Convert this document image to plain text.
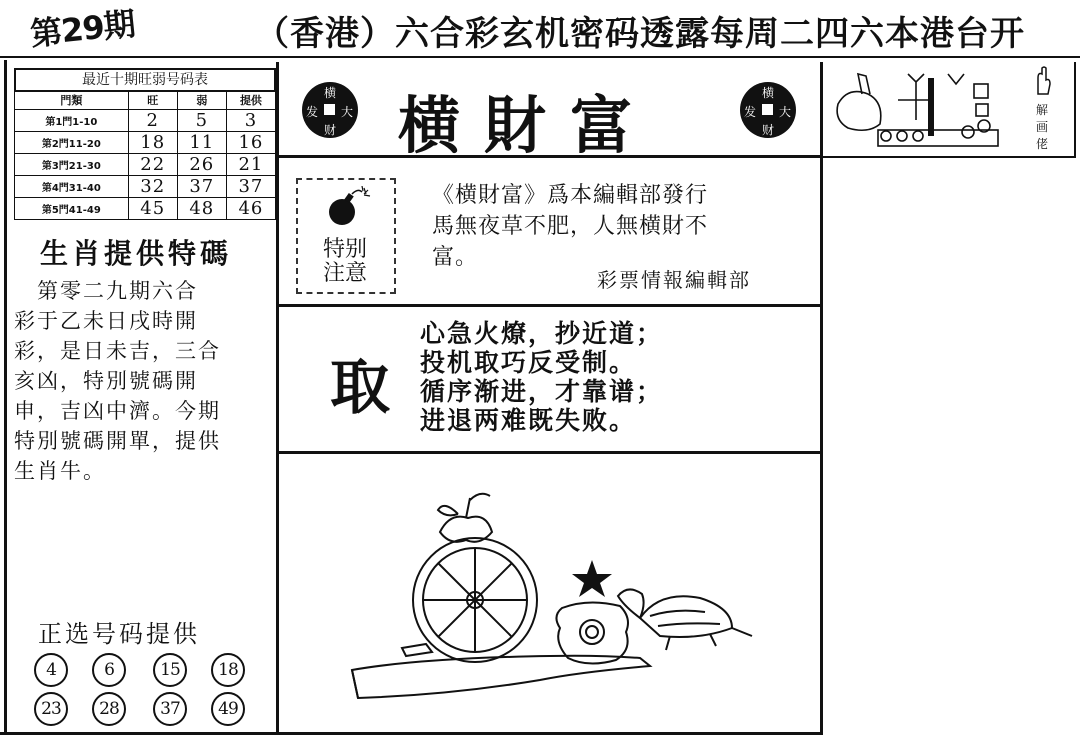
第29期	（香港）六合彩玄机密码透露每周二四六本港台开
最近十期旺弱号码表
門類	旺	弱	提供
第1門1-10	2	5	3
第2門11-20	18	11	16
第3門21-30	22	26	21
第4門31-40	32	37	37
第5門41-49	45	48	46
生肖提供特碼
　第零二九期六合
彩于乙未日戌時開
彩，是日未吉，三合
亥凶，特別號碼開
申，吉凶中濟。今期
特別號碼開單，提供
生肖牛。
正选号码提供
4	6	15	18
23	28	37	49
横
发 大
财
横
发 大
财
横財富
特别
注意
《横財富》爲本編輯部發行
馬無夜草不肥，人無横財不
富。
彩票情報編輯部
取
心急火燎，抄近道；
投机取巧反受制。
循序渐进，才靠谱；
进退两难既失败。
解
画
佬
